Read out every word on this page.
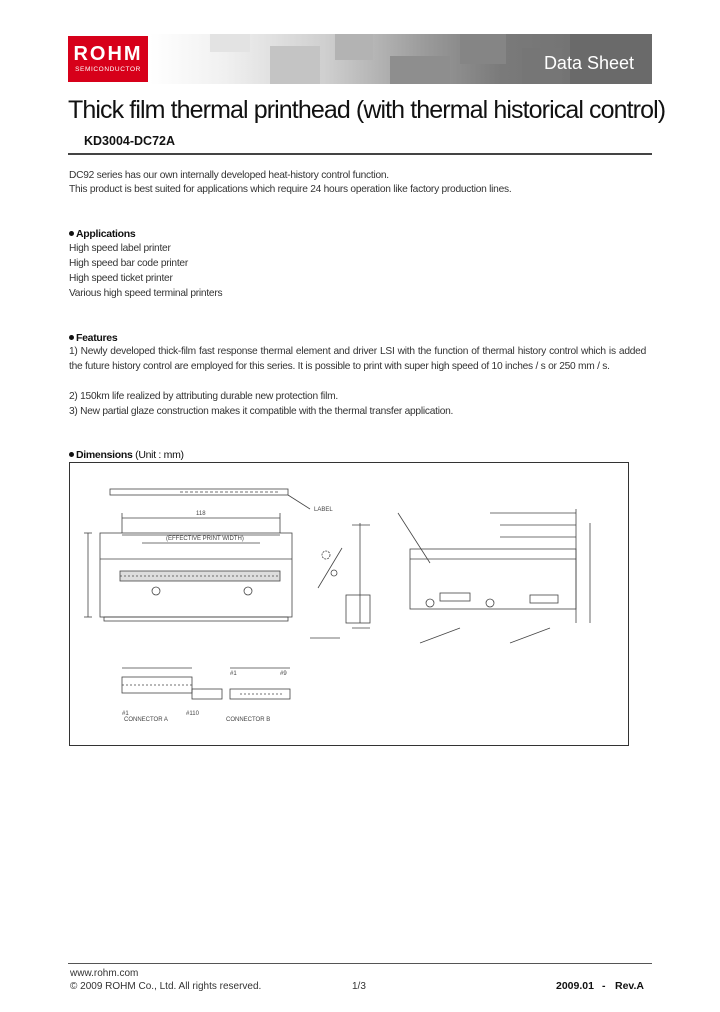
ROHM
SEMICONDUCTOR	Data Sheet
Thick film thermal printhead (with thermal historical control)
KD3004-DC72A
DC92 series has our own internally developed heat-history control function.
This product is best suited for applications which require 24 hours operation like factory production lines.
Applications
High speed label printer
High speed bar code printer
High speed ticket printer
Various high speed terminal printers
Features
1) Newly developed thick-film fast response thermal element and driver LSI with the function of thermal history control which is added the future history control are employed for this series. It is possible to print with super high speed of 10 inches / s or 250 mm / s.
2) 150km life realized by attributing durable new protection film.
3) New partial glaze construction makes it compatible with the thermal transfer application.
Dimensions (Unit : mm)
LABEL
118
(EFFECTIVE PRINT WIDTH)
CONNECTOR A	CONNECTOR B
#1	#110
#1	#9
www.rohm.com
© 2009 ROHM Co., Ltd. All rights reserved.	1/3	2009.01 - Rev.A
